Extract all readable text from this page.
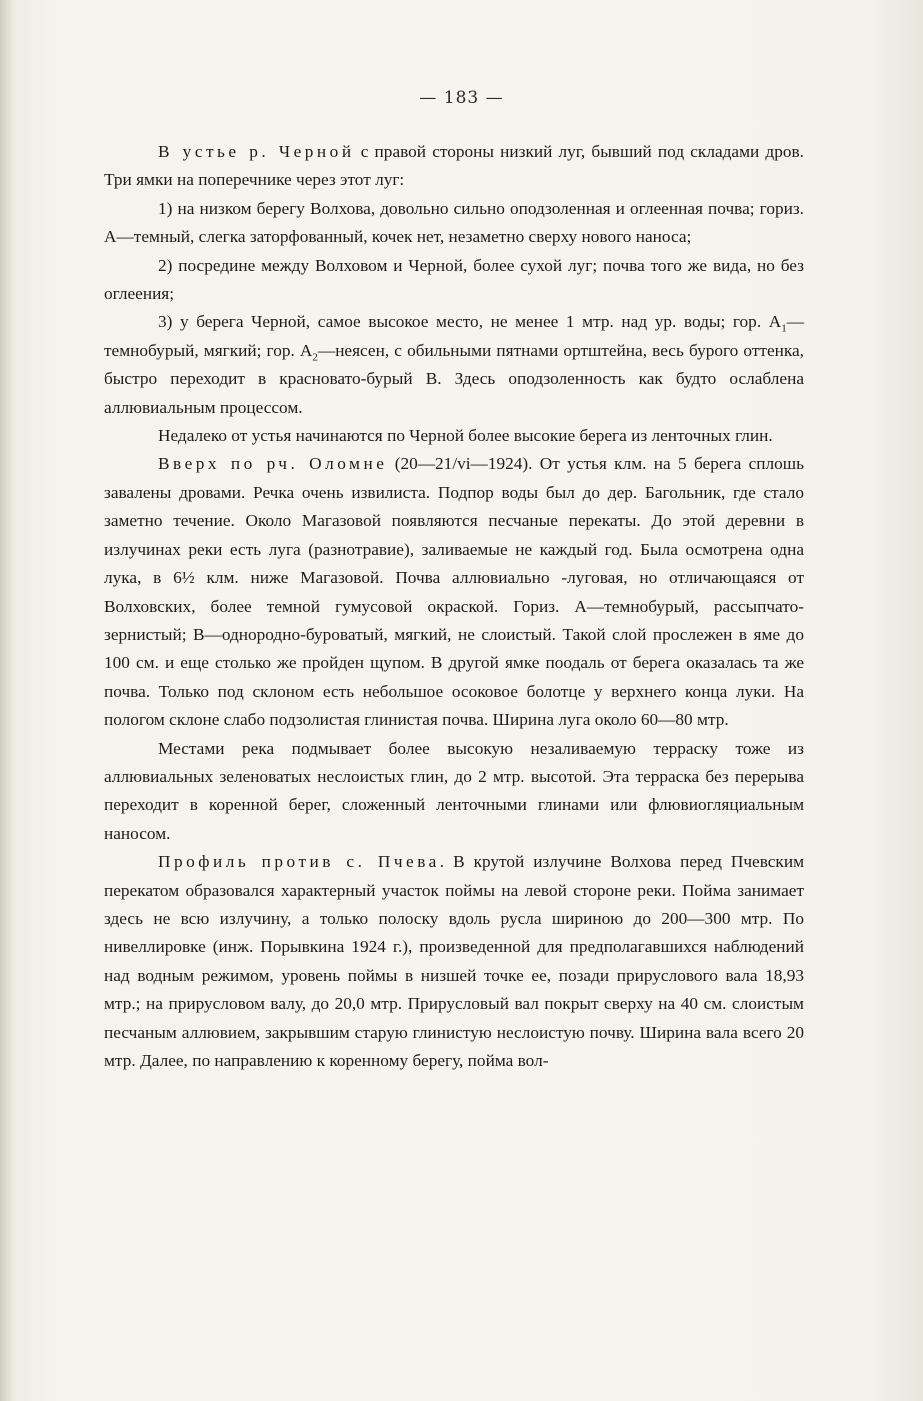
— 183 —

В устье р. Черной с правой стороны низкий луг, бывший под складами дров. Три ямки на поперечнике через этот луг:

1) на низком берегу Волхова, довольно сильно оподзоленная и оглеенная почва; гориз. А—темный, слегка заторфованный, кочек нет, незаметно сверху нового наноса;

2) посредине между Волховом и Черной, более сухой луг; почва того же вида, но без оглеения;

3) у берега Черной, самое высокое место, не менее 1 мтр. над ур. воды; гор. $A_1—темнобурый$, мягкий; гор. $A_2—неясен$, с обильными пятнами ортштейна, весь бурого оттенка, быстро переходит в красновато-бурый В. Здесь оподзоленность как будто ослаблена аллювиальным процессом.

Недалеко от устья начинаются по Черной более высокие берега из ленточных глин.

Вверх по рч. Оломне (20—21/vi—1924). От устья клм. на 5 берега сплошь завалены дровами. Речка очень извилиста. Подпор воды был до дер. Багольник, где стало заметно течение. Около Магазовой появляются песчаные перекаты. До этой деревни в излучинах реки есть луга (разнотравие), заливаемые не каждый год. Была осмотрена одна лука, в 6½ клм. ниже Магазовой. Почва аллювиально -луговая, но отличающаяся от Волховских, более темной гумусовой окраской. Гориз. А—темнобурый, рассыпчато-зернистый; В—однородно-буроватый, мягкий, не слоистый. Такой слой прослежен в яме до 100 см. и еще столько же пройден щупом. В другой ямке поодаль от берега оказалась та же почва. Только под склоном есть небольшое осоковое болотце у верхнего конца луки. На пологом склоне слабо подзолистая глинистая почва. Ширина луга около 60—80 мтр.

Местами река подмывает более высокую незаливаемую терраску тоже из аллювиальных зеленоватых неслоистых глин, до 2 мтр. высотой. Эта терраска без перерыва переходит в коренной берег, сложенный ленточными глинами или флювиогляциальным наносом.

Профиль против с. Пчева. В крутой излучине Волхова перед Пчевским перекатом образовался характерный участок поймы на левой стороне реки. Пойма занимает здесь не всю излучину, а только полоску вдоль русла шириною до 200—300 мтр. По нивеллировке (инж. Порывкина 1924 г.), произведенной для предполагавшихся наблюдений над водным режимом, уровень поймы в низшей точке ее, позади прируслового вала 18,93 мтр.; на прирусловом валу, до 20,0 мтр. Прирусловый вал покрыт сверху на 40 см. слоистым песчаным аллювием, закрывшим старую глинистую неслоистую почву. Ширина вала всего 20 мтр. Далее, по направлению к коренному берегу, пойма вол-
